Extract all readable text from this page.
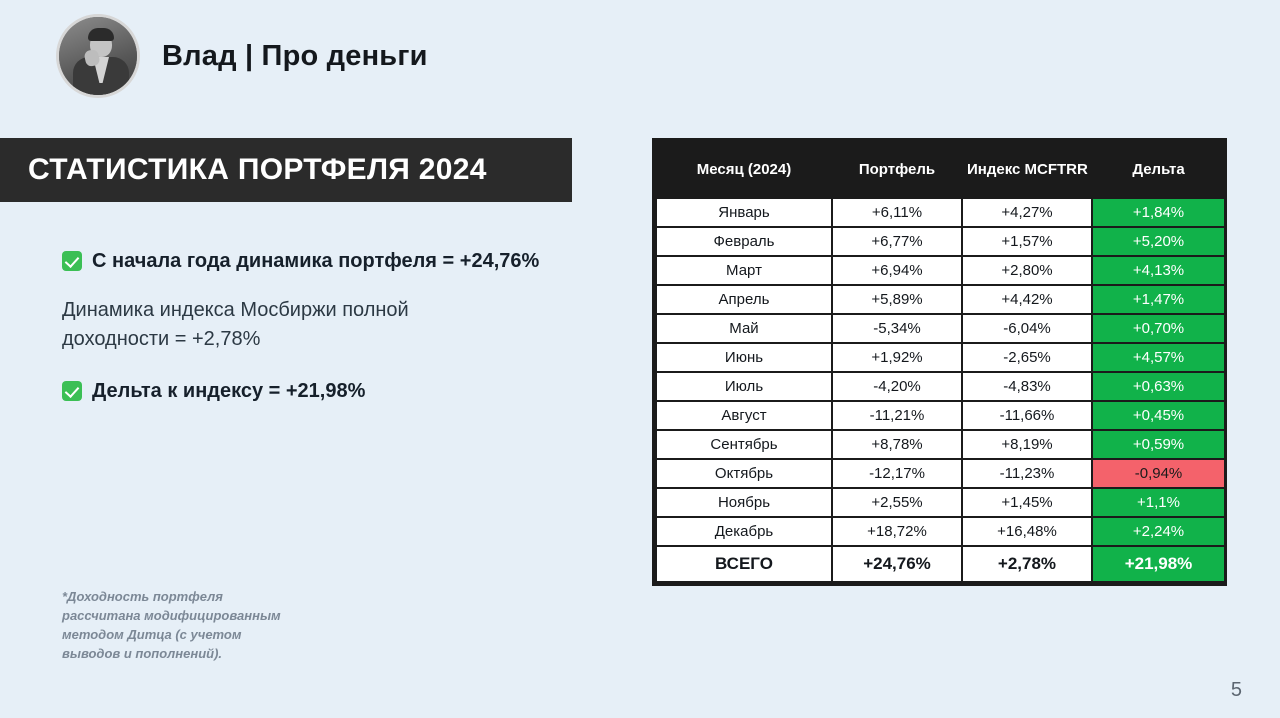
Влад | Про деньги
СТАТИСТИКА ПОРТФЕЛЯ 2024
С начала года динамика портфеля = +24,76%
Динамика индекса Мосбиржи полной доходности = +2,78%
Дельта к индексу = +21,98%
*Доходность портфеля рассчитана модифицированным методом Дитца (с учетом выводов и пополнений).
5
Месяц (2024)	Портфель	Индекс MCFTRR	Дельта
Январь	+6,11%	+4,27%	+1,84%
Февраль	+6,77%	+1,57%	+5,20%
Март	+6,94%	+2,80%	+4,13%
Апрель	+5,89%	+4,42%	+1,47%
Май	-5,34%	-6,04%	+0,70%
Июнь	+1,92%	-2,65%	+4,57%
Июль	-4,20%	-4,83%	+0,63%
Август	-11,21%	-11,66%	+0,45%
Сентябрь	+8,78%	+8,19%	+0,59%
Октябрь	-12,17%	-11,23%	-0,94%
Ноябрь	+2,55%	+1,45%	+1,1%
Декабрь	+18,72%	+16,48%	+2,24%
ВСЕГО	+24,76%	+2,78%	+21,98%
